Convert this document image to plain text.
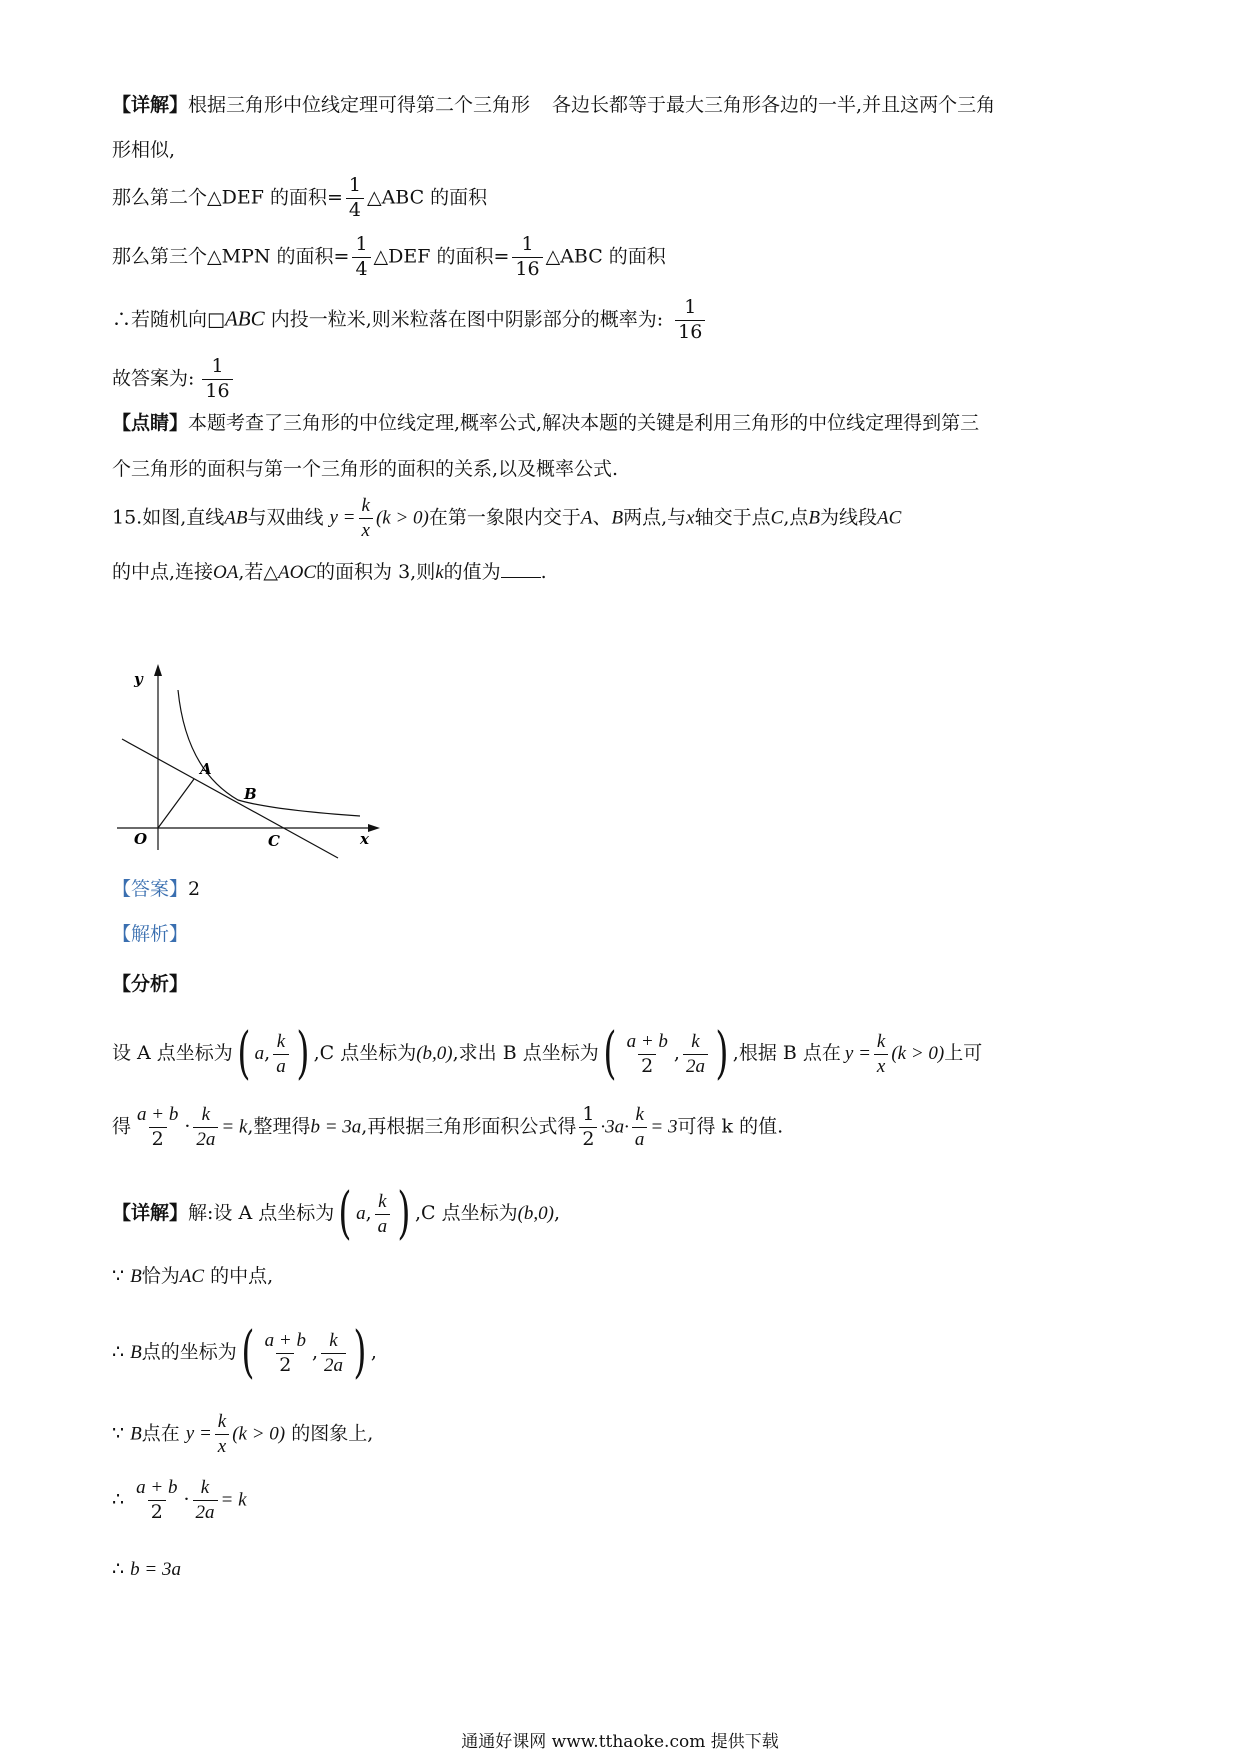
【详解】根据三角形中位线定理可得第二个三角形 各边长都等于最大三角形各边的一半,并且这两个三角
形相似,
那么第二个△DEF 的面积= $\frac{1}{4}$ △ABC 的面积
那么第三个△MPN 的面积= $\frac{1}{4}$ △DEF 的面积= $\frac{1}{16}$ △ABC 的面积
∴若随机向□ABC 内投一粒米,则米粒落在图中阴影部分的概率为: $\frac{1}{16}$
故答案为: $\frac{1}{16}$
【点睛】本题考查了三角形的中位线定理,概率公式,解决本题的关键是利用三角形的中位线定理得到第三
个三角形的面积与第一个三角形的面积的关系,以及概率公式.
15.如图,直线AB与双曲线 $y = \frac{k}{x} (k > 0)$在第一象限内交于A、B两点,与x轴交于点C,点B为线段AC
的中点,连接OA,若△AOC的面积为 3,则k的值为 .
y
x
O
A
B
C
【答案】2
【解析】
【分析】
设 A 点坐标为( a, $\frac{k}{a}$ ) ,C 点坐标为(b,0),求出 B 点坐标为( $\frac{a + b}{2}$ , $\frac{k}{2a}$ ) ,根据 B 点在 $y = \frac{k}{x} (k > 0)$上可
得 $\frac{a + b}{2} \cdot \frac{k}{2a} = k$,整理得b = 3a,再根据三角形面积公式得 $\frac{1}{2} \cdot 3a\cdot \frac{k}{a} = 3$可得 k 的值.
【详解】解:设 A 点坐标为( a, $\frac{k}{a}$ ) ,C 点坐标为(b,0),
∵ B恰为AC 的中点,
∴ B点的坐标为( $\frac{a + b}{2}$ , $\frac{k}{2a}$ ) ,
∵ B点在 $y = \frac{k}{x} (k > 0)$ 的图象上,
∴ $\frac{a + b}{2} \cdot \frac{k}{2a} = k$
∴ b = 3a
通通好课网 www.tthaoke.com 提供下载
